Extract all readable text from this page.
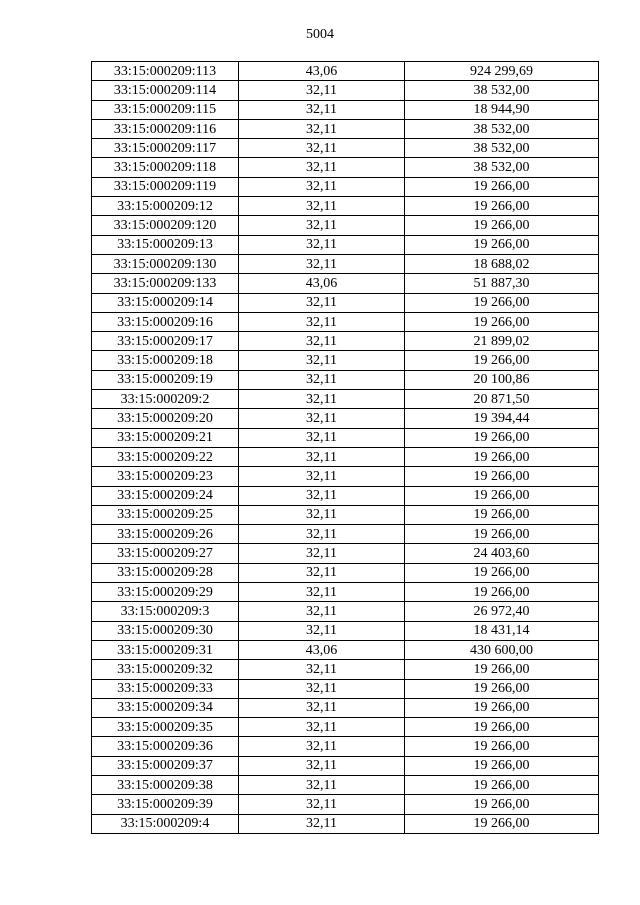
5004
33:15:000209:113	43,06	924 299,69
33:15:000209:114	32,11	38 532,00
33:15:000209:115	32,11	18 944,90
33:15:000209:116	32,11	38 532,00
33:15:000209:117	32,11	38 532,00
33:15:000209:118	32,11	38 532,00
33:15:000209:119	32,11	19 266,00
33:15:000209:12	32,11	19 266,00
33:15:000209:120	32,11	19 266,00
33:15:000209:13	32,11	19 266,00
33:15:000209:130	32,11	18 688,02
33:15:000209:133	43,06	51 887,30
33:15:000209:14	32,11	19 266,00
33:15:000209:16	32,11	19 266,00
33:15:000209:17	32,11	21 899,02
33:15:000209:18	32,11	19 266,00
33:15:000209:19	32,11	20 100,86
33:15:000209:2	32,11	20 871,50
33:15:000209:20	32,11	19 394,44
33:15:000209:21	32,11	19 266,00
33:15:000209:22	32,11	19 266,00
33:15:000209:23	32,11	19 266,00
33:15:000209:24	32,11	19 266,00
33:15:000209:25	32,11	19 266,00
33:15:000209:26	32,11	19 266,00
33:15:000209:27	32,11	24 403,60
33:15:000209:28	32,11	19 266,00
33:15:000209:29	32,11	19 266,00
33:15:000209:3	32,11	26 972,40
33:15:000209:30	32,11	18 431,14
33:15:000209:31	43,06	430 600,00
33:15:000209:32	32,11	19 266,00
33:15:000209:33	32,11	19 266,00
33:15:000209:34	32,11	19 266,00
33:15:000209:35	32,11	19 266,00
33:15:000209:36	32,11	19 266,00
33:15:000209:37	32,11	19 266,00
33:15:000209:38	32,11	19 266,00
33:15:000209:39	32,11	19 266,00
33:15:000209:4	32,11	19 266,00
